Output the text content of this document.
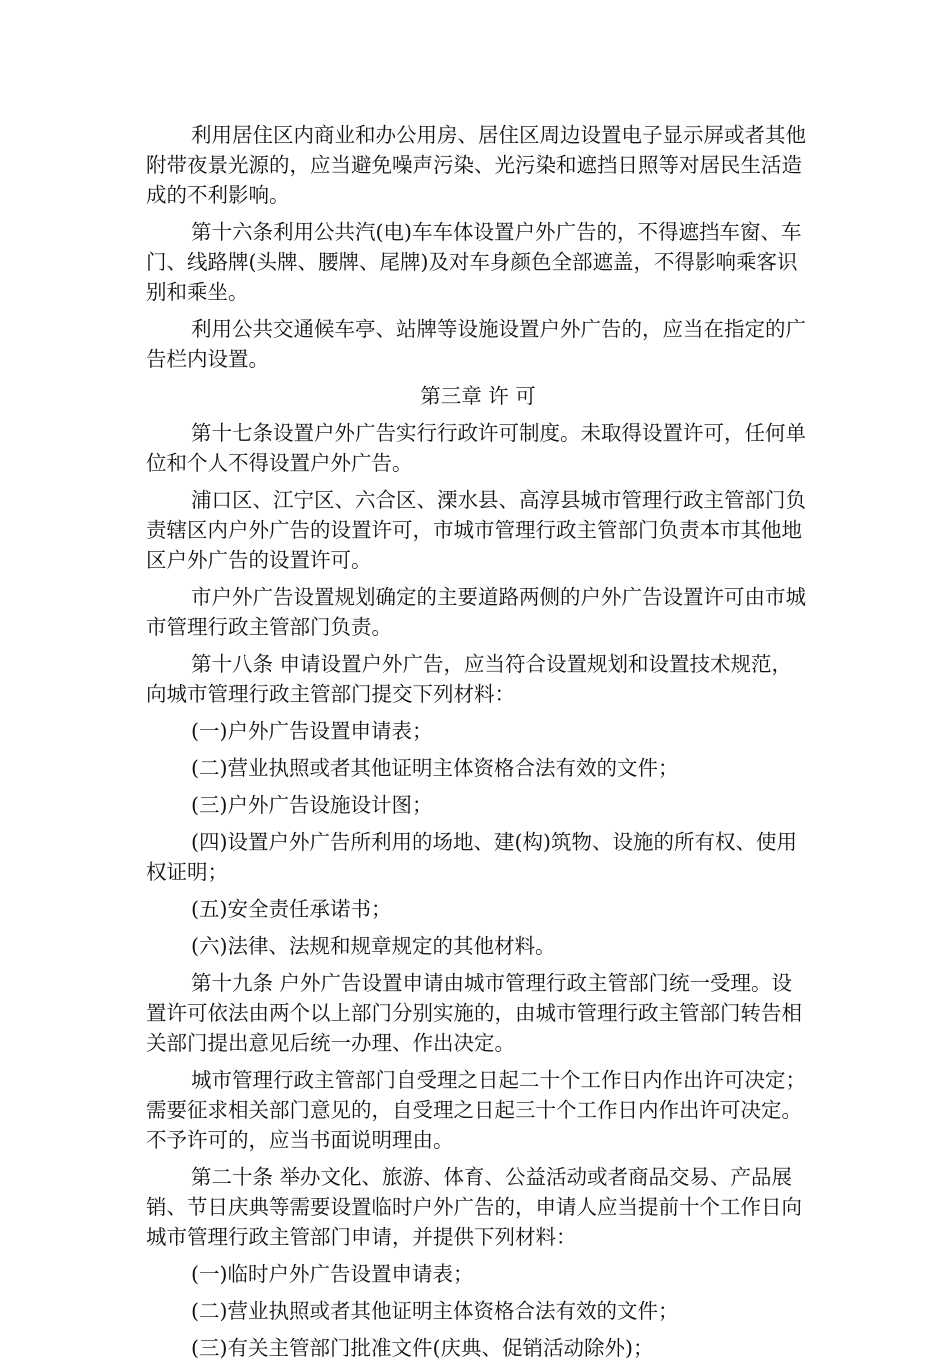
利用居住区内商业和办公用房、居住区周边设置电子显示屏或者其他附带夜景光源的，应当避免噪声污染、光污染和遮挡日照等对居民生活造成的不利影响。

第十六条利用公共汽(电)车车体设置户外广告的，不得遮挡车窗、车门、线路牌(头牌、腰牌、尾牌)及对车身颜色全部遮盖，不得影响乘客识别和乘坐。

利用公共交通候车亭、站牌等设施设置户外广告的，应当在指定的广告栏内设置。

第三章 许 可

第十七条设置户外广告实行行政许可制度。未取得设置许可，任何单位和个人不得设置户外广告。

浦口区、江宁区、六合区、溧水县、高淳县城市管理行政主管部门负责辖区内户外广告的设置许可，市城市管理行政主管部门负责本市其他地区户外广告的设置许可。

市户外广告设置规划确定的主要道路两侧的户外广告设置许可由市城市管理行政主管部门负责。

第十八条 申请设置户外广告，应当符合设置规划和设置技术规范，向城市管理行政主管部门提交下列材料：

(一)户外广告设置申请表；

(二)营业执照或者其他证明主体资格合法有效的文件；

(三)户外广告设施设计图；

(四)设置户外广告所利用的场地、建(构)筑物、设施的所有权、使用权证明；

(五)安全责任承诺书；

(六)法律、法规和规章规定的其他材料。

第十九条 户外广告设置申请由城市管理行政主管部门统一受理。设置许可依法由两个以上部门分别实施的，由城市管理行政主管部门转告相关部门提出意见后统一办理、作出决定。

城市管理行政主管部门自受理之日起二十个工作日内作出许可决定；需要征求相关部门意见的，自受理之日起三十个工作日内作出许可决定。不予许可的，应当书面说明理由。

第二十条 举办文化、旅游、体育、公益活动或者商品交易、产品展销、节日庆典等需要设置临时户外广告的，申请人应当提前十个工作日向城市管理行政主管部门申请，并提供下列材料：

(一)临时户外广告设置申请表；

(二)营业执照或者其他证明主体资格合法有效的文件；

(三)有关主管部门批准文件(庆典、促销活动除外)；
